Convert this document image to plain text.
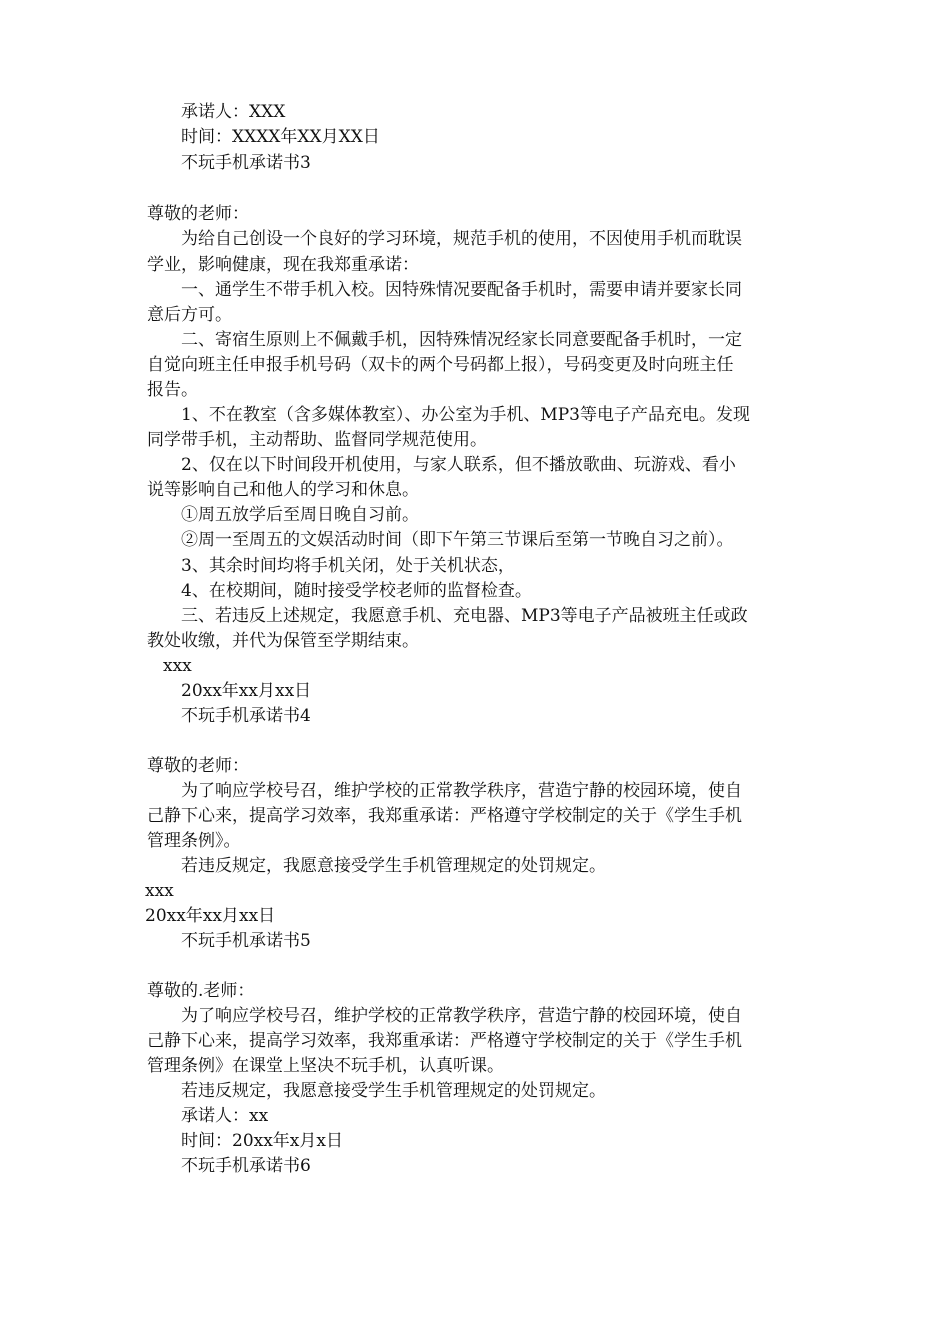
承诺人：XXX
时间：XXXX年XX月XX日
不玩手机承诺书3
尊敬的老师：
为给自己创设一个良好的学习环境，规范手机的使用，不因使用手机而耽误
学业，影响健康，现在我郑重承诺：
一、通学生不带手机入校。因特殊情况要配备手机时，需要申请并要家长同
意后方可。
二、寄宿生原则上不佩戴手机，因特殊情况经家长同意要配备手机时，一定
自觉向班主任申报手机号码（双卡的两个号码都上报），号码变更及时向班主任
报告。
1、不在教室（含多媒体教室）、办公室为手机、MP3等电子产品充电。发现
同学带手机，主动帮助、监督同学规范使用。
2、仅在以下时间段开机使用，与家人联系，但不播放歌曲、玩游戏、看小
说等影响自己和他人的学习和休息。
①周五放学后至周日晚自习前。
②周一至周五的文娱活动时间（即下午第三节课后至第一节晚自习之前）。
3、其余时间均将手机关闭，处于关机状态，
4、在校期间，随时接受学校老师的监督检查。
三、若违反上述规定，我愿意手机、充电器、MP3等电子产品被班主任或政
教处收缴，并代为保管至学期结束。
xxx
20xx年xx月xx日
不玩手机承诺书4
尊敬的老师：
为了响应学校号召，维护学校的正常教学秩序，营造宁静的校园环境，使自
己静下心来，提高学习效率，我郑重承诺：严格遵守学校制定的关于《学生手机
管理条例》。
若违反规定，我愿意接受学生手机管理规定的处罚规定。
xxx
20xx年xx月xx日
不玩手机承诺书5
尊敬的.老师：
为了响应学校号召，维护学校的正常教学秩序，营造宁静的校园环境，使自
己静下心来，提高学习效率，我郑重承诺：严格遵守学校制定的关于《学生手机
管理条例》在课堂上坚决不玩手机，认真听课。
若违反规定，我愿意接受学生手机管理规定的处罚规定。
承诺人：xx
时间：20xx年x月x日
不玩手机承诺书6
